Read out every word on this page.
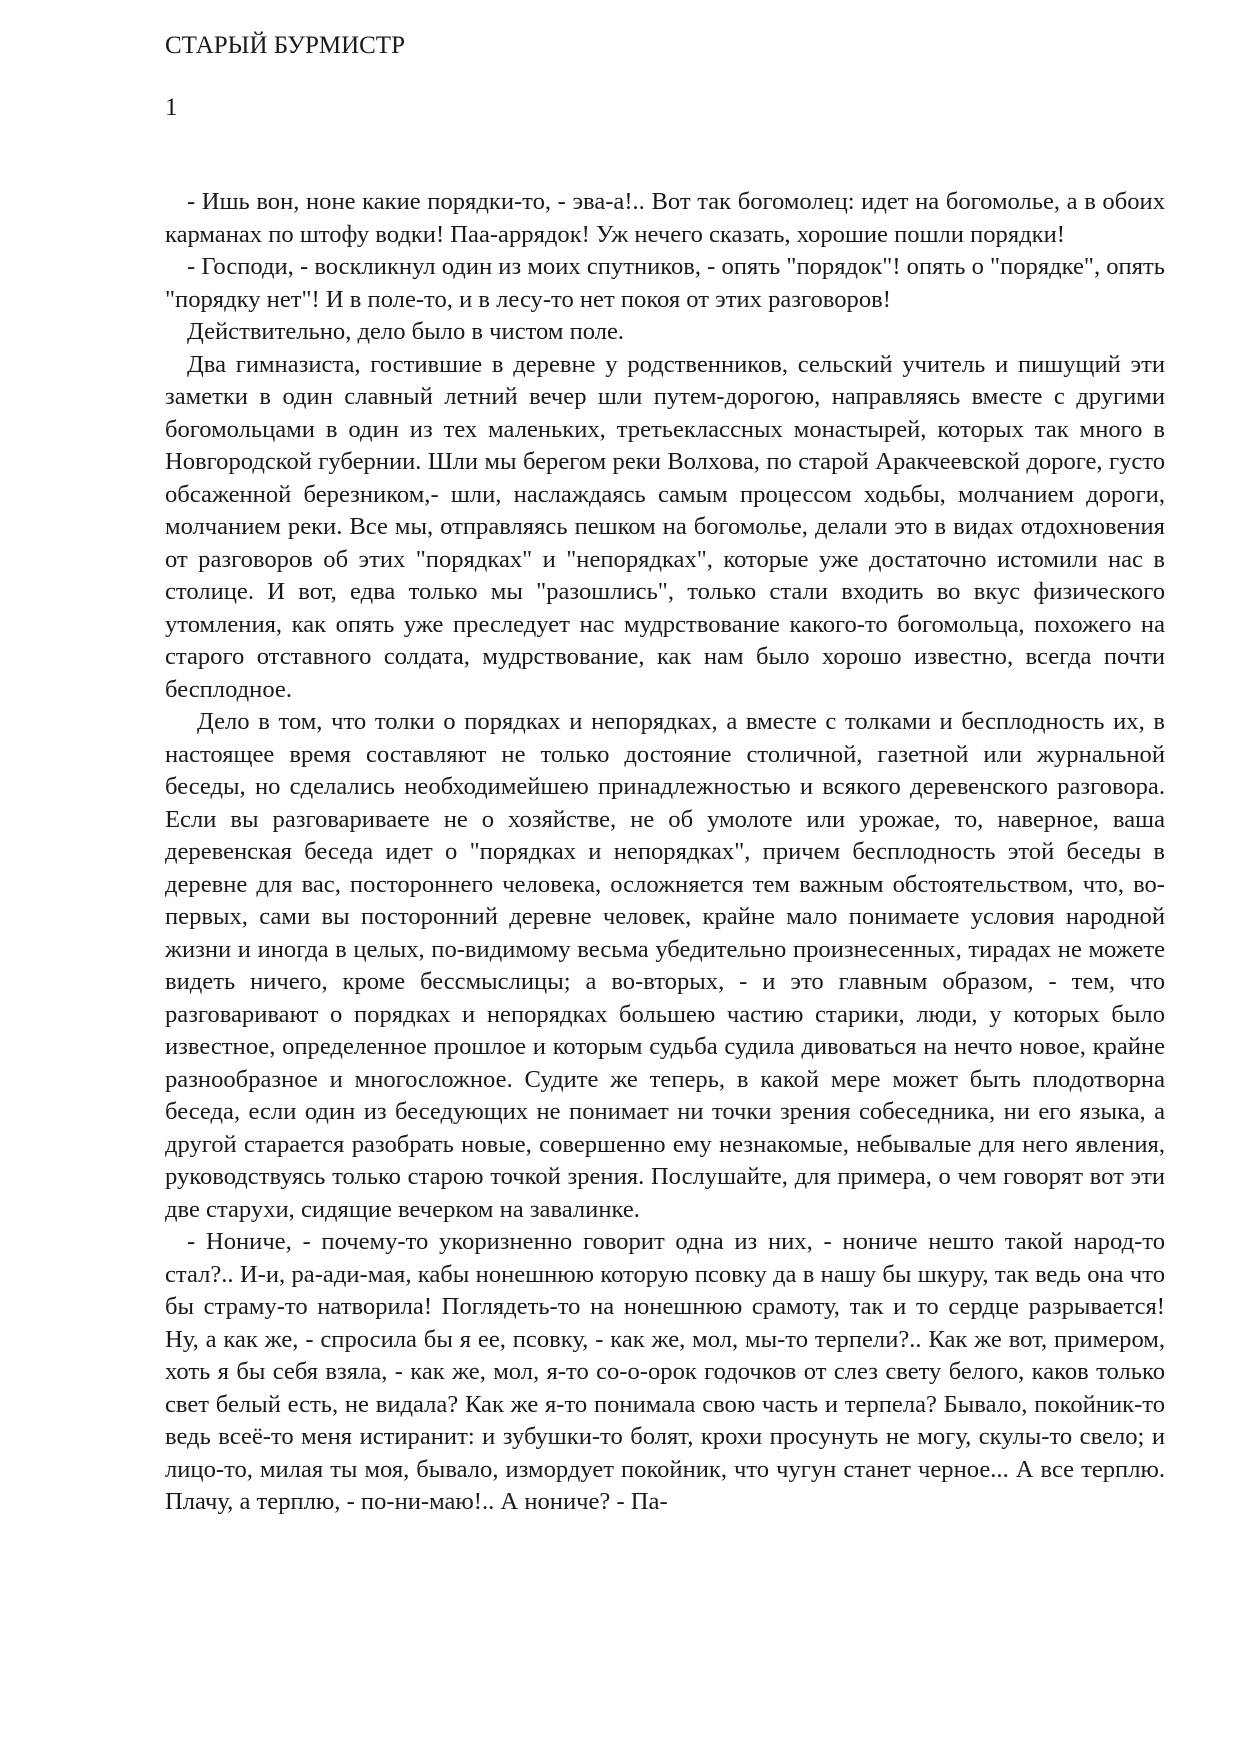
СТАРЫЙ БУРМИСТР
1

- Ишь вон, ноне какие порядки-то, - эва-а!.. Вот так богомолец: идет на богомолье, а в обоих карманах по штофу водки! Паа-аррядок! Уж нечего сказать, хорошие пошли порядки!

- Господи, - воскликнул один из моих спутников, - опять "порядок"! опять о "порядке", опять "порядку нет"! И в поле-то, и в лесу-то нет покоя от этих разговоров!

Действительно, дело было в чистом поле.

Два гимназиста, гостившие в деревне у родственников, сельский учитель и пишущий эти заметки в один славный летний вечер шли путем-дорогою, направляясь вместе с другими богомольцами в один из тех маленьких, третьеклассных монастырей, которых так много в Новгородской губернии. Шли мы берегом реки Волхова, по старой Аракчеевской дороге, густо обсаженной березником,- шли, наслаждаясь самым процессом ходьбы, молчанием дороги, молчанием реки. Все мы, отправляясь пешком на богомолье, делали это в видах отдохновения от разговоров об этих "порядках" и "непорядках", которые уже достаточно истомили нас в столице. И вот, едва только мы "разошлись", только стали входить во вкус физического утомления, как опять уже преследует нас мудрствование какого-то богомольца, похожего на старого отставного солдата, мудрствование, как нам было хорошо известно, всегда почти бесплодное.

Дело в том, что толки о порядках и непорядках, а вместе с толками и бесплодность их, в настоящее время составляют не только достояние столичной, газетной или журнальной беседы, но сделались необходимейшею принадлежностью и всякого деревенского разговора. Если вы разговариваете не о хозяйстве, не об умолоте или урожае, то, наверное, ваша деревенская беседа идет о "порядках и непорядках", причем бесплодность этой беседы в деревне для вас, постороннего человека, осложняется тем важным обстоятельством, что, во-первых, сами вы посторонний деревне человек, крайне мало понимаете условия народной жизни и иногда в целых, по-видимому весьма убедительно произнесенных, тирадах не можете видеть ничего, кроме бессмыслицы; а во-вторых, - и это главным образом, - тем, что разговаривают о порядках и непорядках большею частию старики, люди, у которых было известное, определенное прошлое и которым судьба судила дивоваться на нечто новое, крайне разнообразное и многосложное. Судите же теперь, в какой мере может быть плодотворна беседа, если один из беседующих не понимает ни точки зрения собеседника, ни его языка, а другой старается разобрать новые, совершенно ему незнакомые, небывалые для него явления, руководствуясь только старою точкой зрения. Послушайте, для примера, о чем говорят вот эти две старухи, сидящие вечерком на завалинке.

- Нониче, - почему-то укоризненно говорит одна из них, - ноничe нешто такой народ-то стал?.. И-и, ра-ади-мая, кабы нонешнюю которую псовку да в нашу бы шкуру, так ведь она что бы страму-то натворила! Поглядеть-то на нонешнюю срамоту, так и то сердце разрывается! Ну, а как же, - спросила бы я ее, псовку, - как же, мол, мы-то терпели?.. Как же вот, примером, хоть я бы себя взяла, - как же, мол, я-то со-о-орок годочков от слез свету белого, каков только свет белый есть, не видала? Как же я-то понимала свою часть и терпела? Бывало, покойник-то ведь всеё-то меня истиранит: и зубушки-то болят, крохи просунуть не могу, скулы-то свело; и лицо-то, милая ты моя, бывало, измордует покойник, что чугун станет черное... А все терплю. Плачу, а терплю, - по-ни-маю!.. А ноничe? - Па-
